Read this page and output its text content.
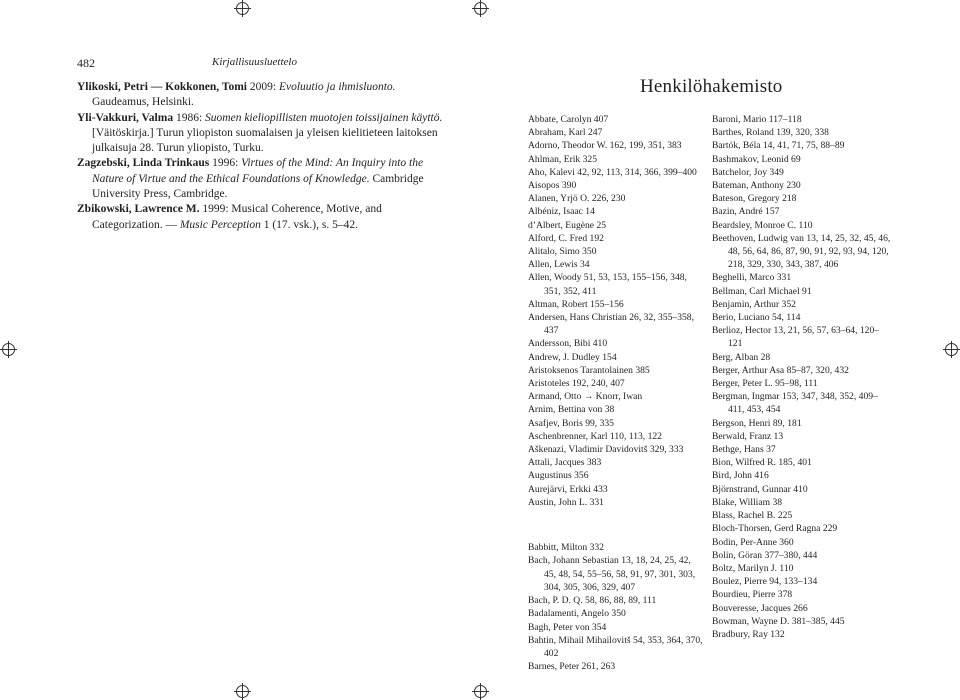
482	Kirjallisuusluettelo

Ylikoski, Petri — Kokkonen, Tomi 2009: Evoluutio ja ihmisluonto. Gaudeamus, Helsinki.

Yli-Vakkuri, Valma 1986: Suomen kieliopillisten muotojen toissijainen käyttö. [Väitöskirja.] Turun yliopiston suomalaisen ja yleisen kielitieteen laitoksen julkaisuja 28. Turun yliopisto, Turku.

Zagzebski, Linda Trinkaus 1996: Virtues of the Mind: An Inquiry into the Nature of Virtue and the Ethical Foundations of Knowledge. Cambridge University Press, Cambridge.

Zbikowski, Lawrence M. 1999: Musical Coherence, Motive, and Categorization. — Music Perception 1 (17. vsk.), s. 5–42.

Henkilöhakemisto

Abbate, Carolyn 407

Abraham, Karl 247

Adorno, Theodor W. 162, 199, 351, 383

Ahlman, Erik 325

Aho, Kalevi 42, 92, 113, 314, 366, 399–400

Aisopos 390

Alanen, Yrjö O. 226, 230

Albéniz, Isaac 14

d’Albert, Eugène 25

Alford, C. Fred 192

Alitalo, Simo 350

Allen, Lewis 34

Allen, Woody 51, 53, 153, 155–156, 348, 351, 352, 411

Altman, Robert 155–156

Andersen, Hans Christian 26, 32, 355–358, 437

Andersson, Bibi 410

Andrew, J. Dudley 154

Aristoksenos Tarantolainen 385

Aristoteles 192, 240, 407

Armand, Otto → Knorr, Iwan

Arnim, Bettina von 38

Asafjev, Boris 99, 335

Aschenbrenner, Karl 110, 113, 122

Aškenazi, Vladimir Davidovitš 329, 333

Attali, Jacques 383

Augustinus 356

Aurejärvi, Erkki 433

Austin, John L. 331

Babbitt, Milton 332

Bach, Johann Sebastian 13, 18, 24, 25, 42, 45, 48, 54, 55–56, 58, 91, 97, 301, 303, 304, 305, 306, 329, 407

Bach, P. D. Q. 58, 86, 88, 89, 111

Badalamenti, Angelo 350

Bagh, Peter von 354

Bahtin, Mihail Mihailovitš 54, 353, 364, 370, 402

Barnes, Peter 261, 263

Baroni, Mario 117–118

Barthes, Roland 139, 320, 338

Bartók, Béla 14, 41, 71, 75, 88–89

Bashmakov, Leonid 69

Batchelor, Joy 349

Bateman, Anthony 230

Bateson, Gregory 218

Bazin, André 157

Beardsley, Monroe C. 110

Beethoven, Ludwig van 13, 14, 25, 32, 45, 46, 48, 56, 64, 86, 87, 90, 91, 92, 93, 94, 120, 218, 329, 330, 343, 387, 406

Beghelli, Marco 331

Bellman, Carl Michael 91

Benjamin, Arthur 352

Berio, Luciano 54, 114

Berlioz, Hector 13, 21, 56, 57, 63–64, 120–121

Berg, Alban 28

Berger, Arthur Asa 85–87, 320, 432

Berger, Peter L. 95–98, 111

Bergman, Ingmar 153, 347, 348, 352, 409–411, 453, 454

Bergson, Henri 89, 181

Berwald, Franz 13

Bethge, Hans 37

Bion, Wilfred R. 185, 401

Bird, John 416

Björnstrand, Gunnar 410

Blake, William 38

Blass, Rachel B. 225

Bloch-Thorsen, Gerd Ragna 229

Bodin, Per-Anne 360

Bolin, Göran 377–380, 444

Boltz, Marilyn J. 110

Boulez, Pierre 94, 133–134

Bourdieu, Pierre 378

Bouveresse, Jacques 266

Bowman, Wayne D. 381–385, 445

Bradbury, Ray 132
